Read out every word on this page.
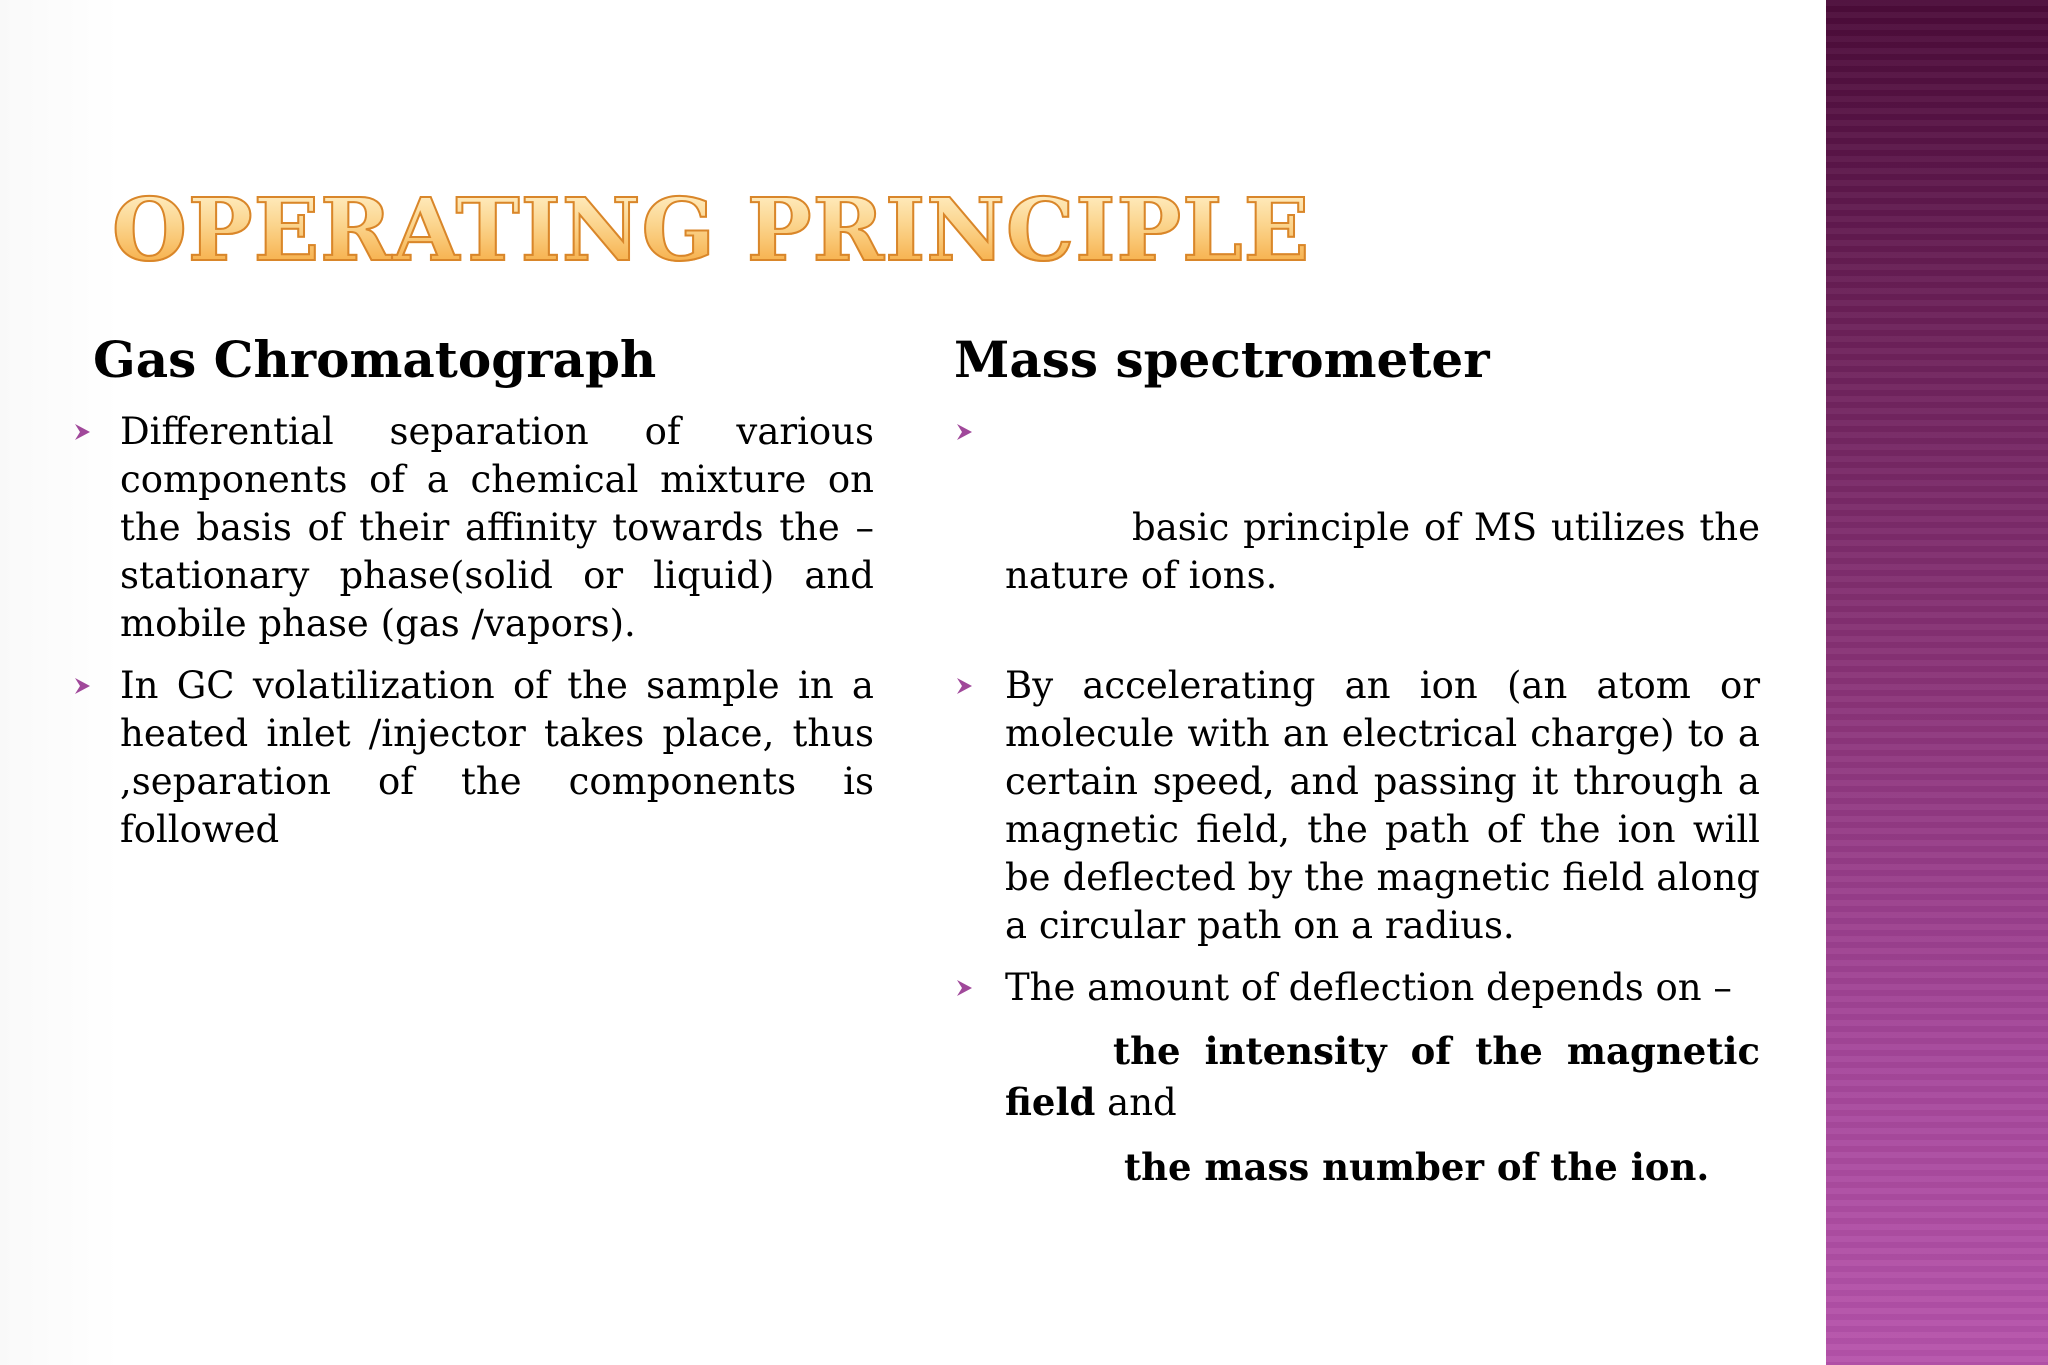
OPERATING PRINCIPLE
Gas Chromatograph
Differential separation of various components of a chemical mixture on the basis of their affinity towards the – stationary phase(solid or liquid) and mobile phase (gas /vapors).
In GC volatilization of the sample in a heated inlet /injector takes place, thus ,separation of the components is followed
Mass spectrometer

basic principle of MS utilizes the nature of ions.

By accelerating an ion (an atom or molecule with an electrical charge) to a certain speed, and passing it through a magnetic field, the path of the ion will be deflected by the magnetic field along a circular path on a radius.
The amount of deflection depends on –
the intensity of the magnetic field and
the mass number of the ion.
